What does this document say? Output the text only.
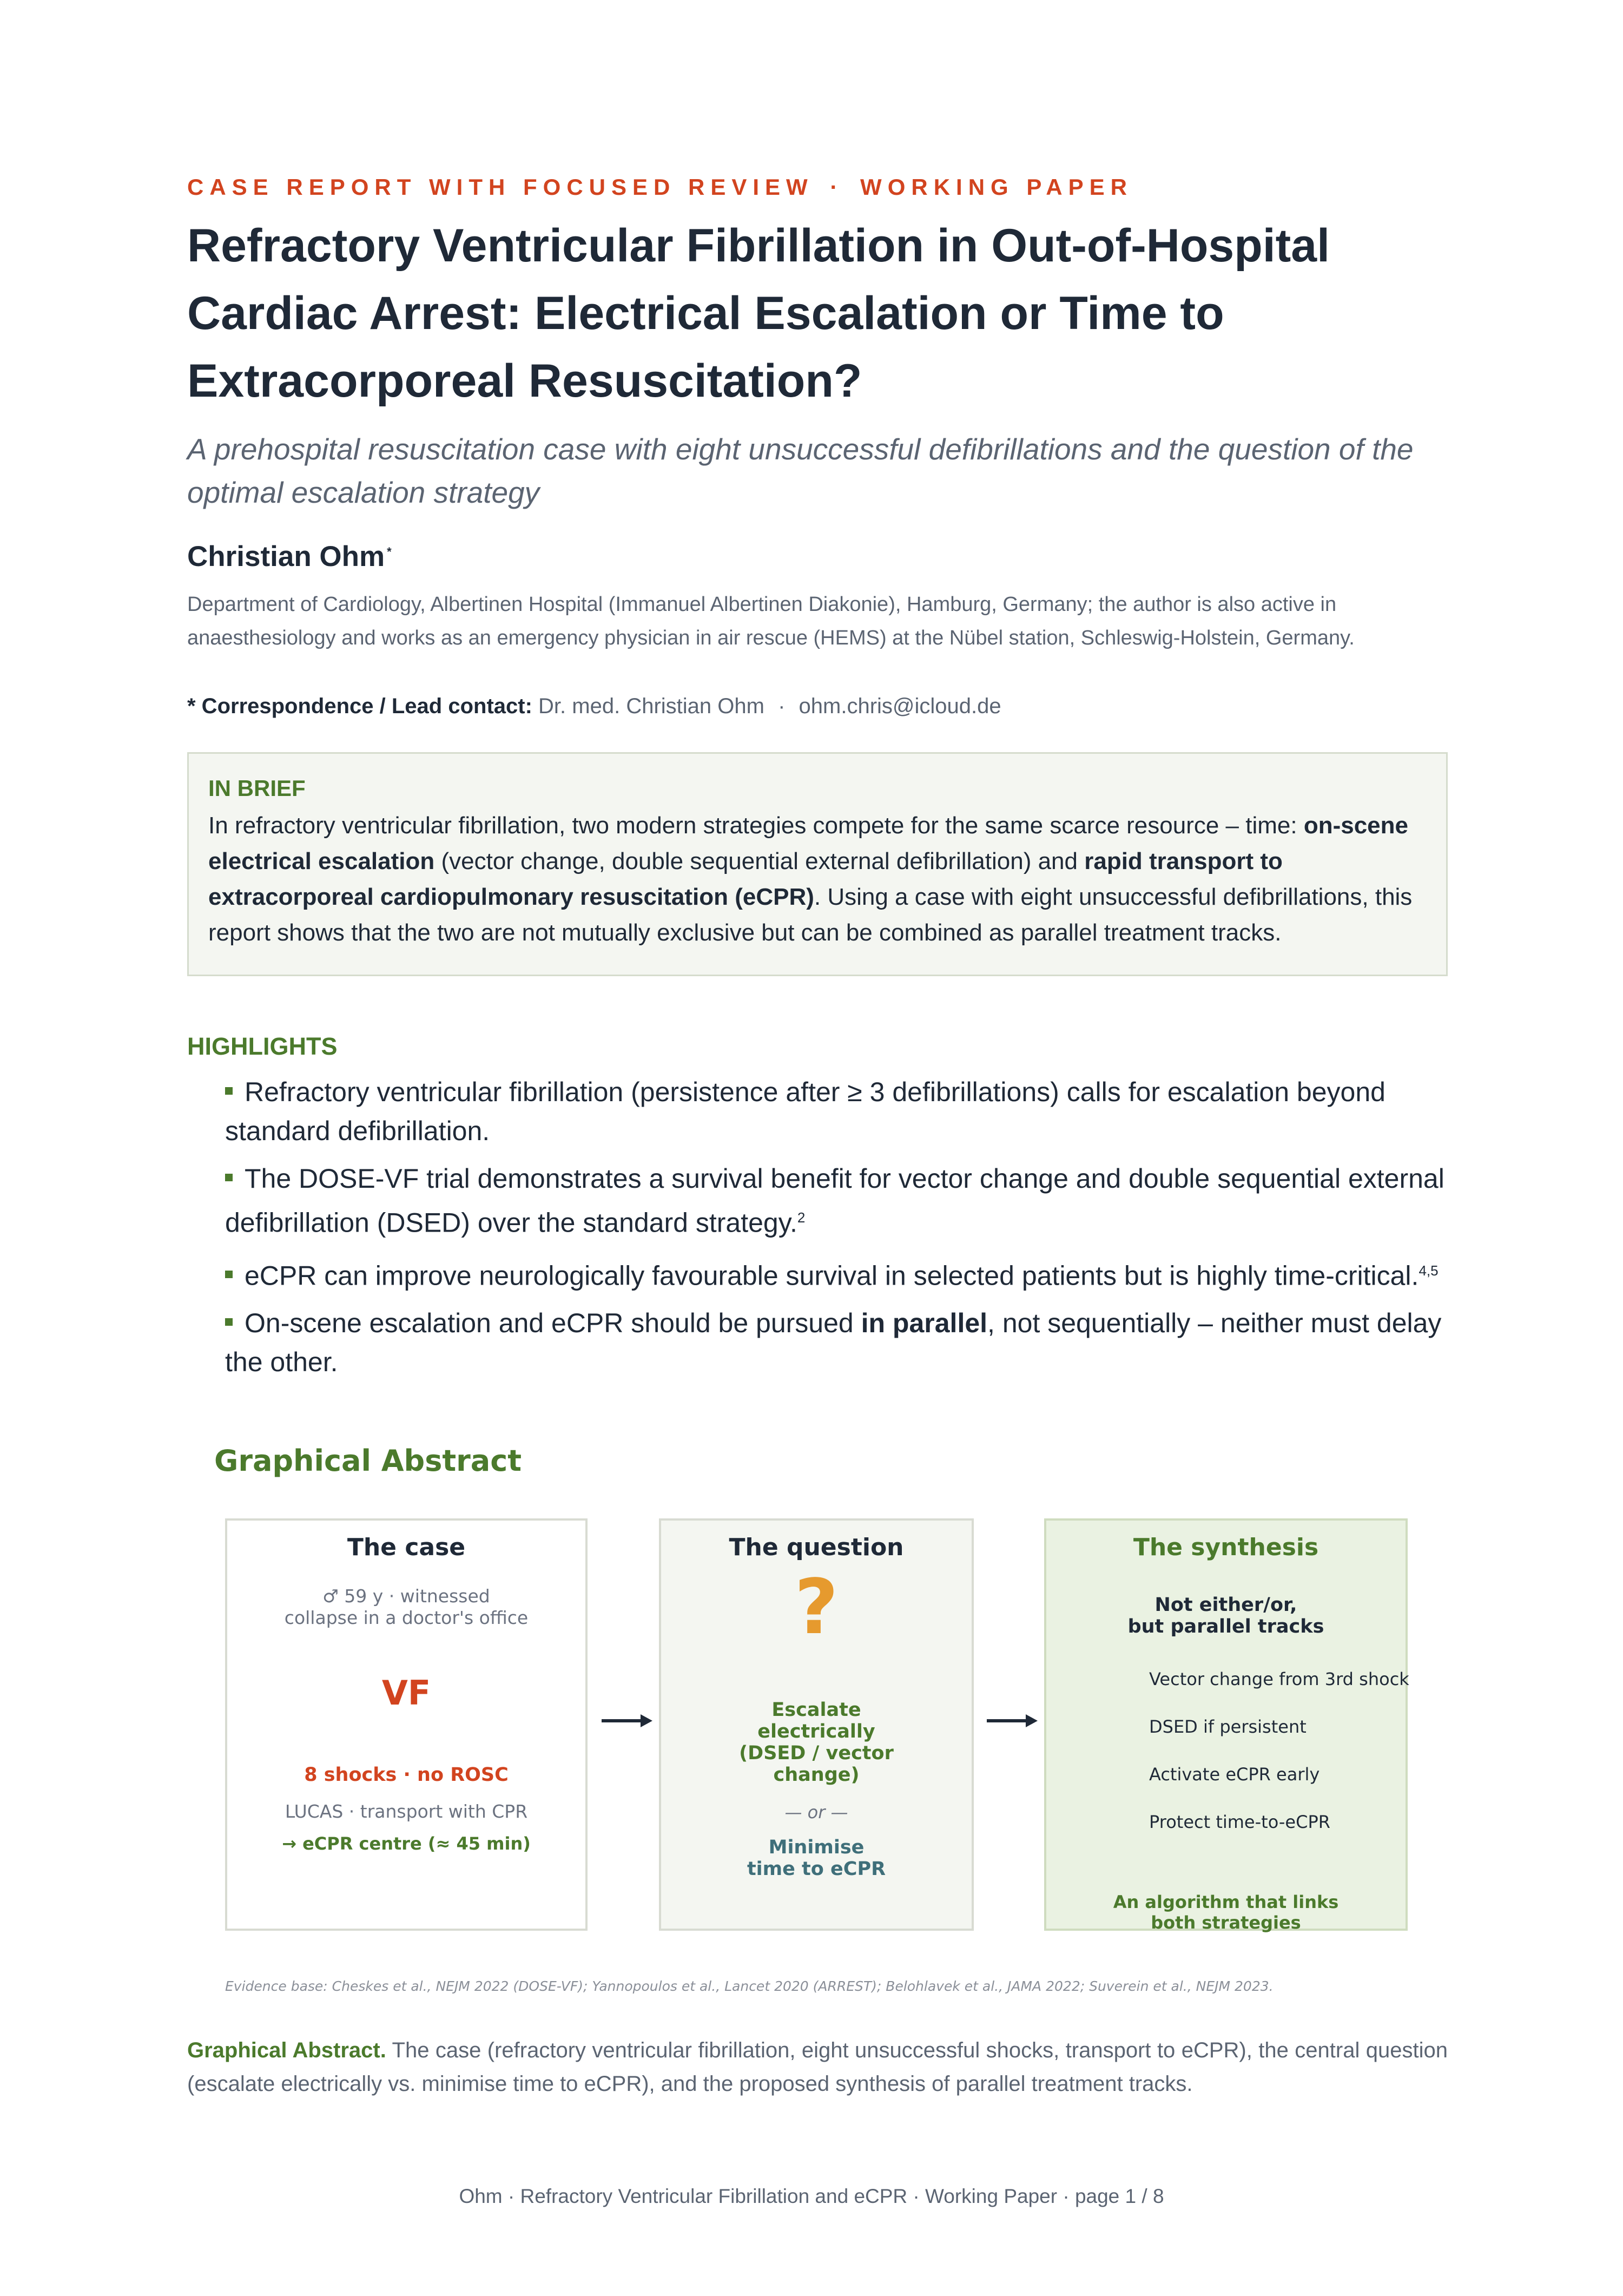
CASE REPORT WITH FOCUSED REVIEW · WORKING PAPER
Refractory Ventricular Fibrillation in Out-of-Hospital Cardiac Arrest: Electrical Escalation or Time to Extracorporeal Resuscitation?

A prehospital resuscitation case with eight unsuccessful defibrillations and the question of the optimal escalation strategy

Christian Ohm *

Department of Cardiology, Albertinen Hospital (Immanuel Albertinen Diakonie), Hamburg, Germany; the author is also active in anaesthesiology and works as an emergency physician in air rescue (HEMS) at the Nübel station, Schleswig-Holstein, Germany.

* Correspondence / Lead contact: Dr. med. Christian Ohm · ohm.chris@icloud.de
IN BRIEF

In refractory ventricular fibrillation, two modern strategies compete for the same scarce resource – time: on-scene electrical escalation (vector change, double sequential external defibrillation) and rapid transport to extracorporeal cardiopulmonary resuscitation (eCPR). Using a case with eight unsuccessful defibrillations, this report shows that the two are not mutually exclusive but can be combined as parallel treatment tracks.

HIGHLIGHTS
Refractory ventricular fibrillation (persistence after ≥ 3 defibrillations) calls for escalation beyond standard defibrillation.
The DOSE-VF trial demonstrates a survival benefit for vector change and double sequential external defibrillation (DSED) over the standard strategy.$^2$
eCPR can improve neurologically favourable survival in selected patients but is highly time-critical.$^{4,5}$
On-scene escalation and eCPR should be pursued in parallel, not sequentially – neither must delay the other.
Graphical Abstract
The case
♂ 59 y · witnessed
collapse in a doctor's office
VF
8 shocks · no ROSC
LUCAS · transport with CPR
→ eCPR centre (≈ 45 min)
The question
?
Escalate
electrically
(DSED / vector
change)
— or —
Minimise
time to eCPR
The synthesis
Not either/or,
but parallel tracks
Vector change from 3rd shock
DSED if persistent
Activate eCPR early
Protect time-to-eCPR
An algorithm that links
both strategies
Evidence base: Cheskes et al., NEJM 2022 (DOSE-VF); Yannopoulos et al., Lancet 2020 (ARREST); Belohlavek et al., JAMA 2022; Suverein et al., NEJM 2023.

Graphical Abstract. The case (refractory ventricular fibrillation, eight unsuccessful shocks, transport to eCPR), the central question (escalate electrically vs. minimise time to eCPR), and the proposed synthesis of parallel treatment tracks.

Ohm · Refractory Ventricular Fibrillation and eCPR · Working Paper · page 1 / 8
